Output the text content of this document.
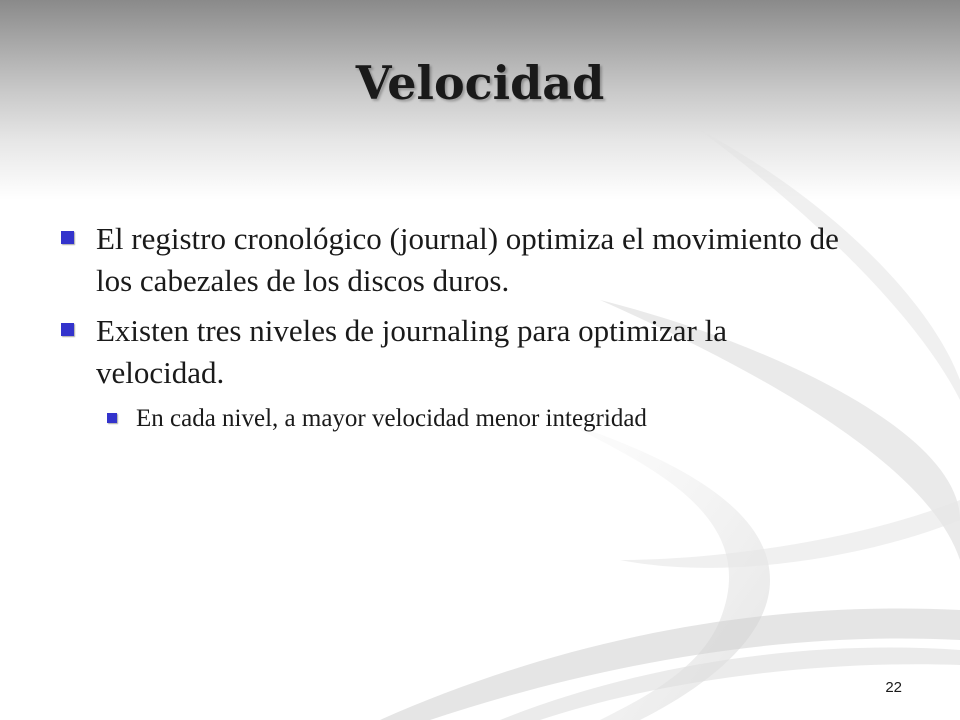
Velocidad
El registro cronológico (journal) optimiza el movimiento de los cabezales de los discos duros.
Existen tres niveles de journaling para optimizar la velocidad.
En cada nivel, a mayor velocidad menor integridad
22
